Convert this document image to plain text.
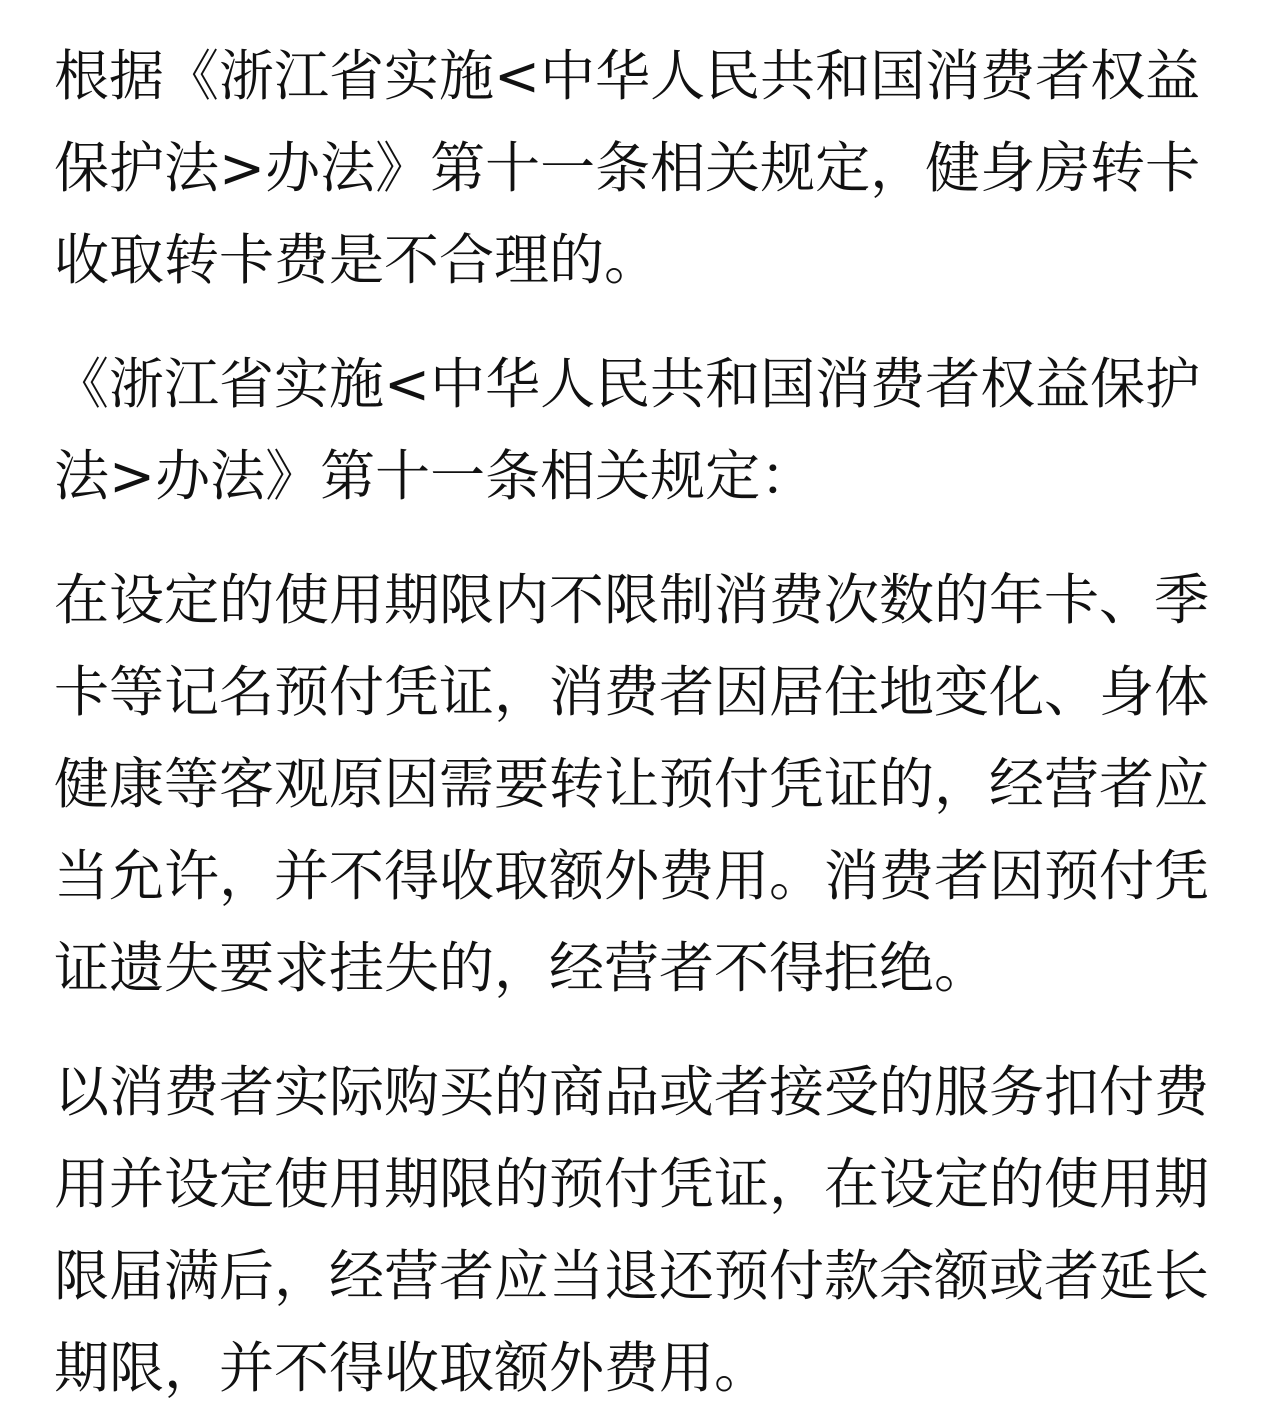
根据《浙江省实施<中华人民共和国消费者权益保护法>办法》第十一条相关规定，健身房转卡收取转卡费是不合理的。

《浙江省实施<中华人民共和国消费者权益保护法>办法》第十一条相关规定：

在设定的使用期限内不限制消费次数的年卡、季卡等记名预付凭证，消费者因居住地变化、身体健康等客观原因需要转让预付凭证的，经营者应当允许，并不得收取额外费用。消费者因预付凭证遗失要求挂失的，经营者不得拒绝。

以消费者实际购买的商品或者接受的服务扣付费用并设定使用期限的预付凭证，在设定的使用期限届满后，经营者应当退还预付款余额或者延长期限，并不得收取额外费用。
